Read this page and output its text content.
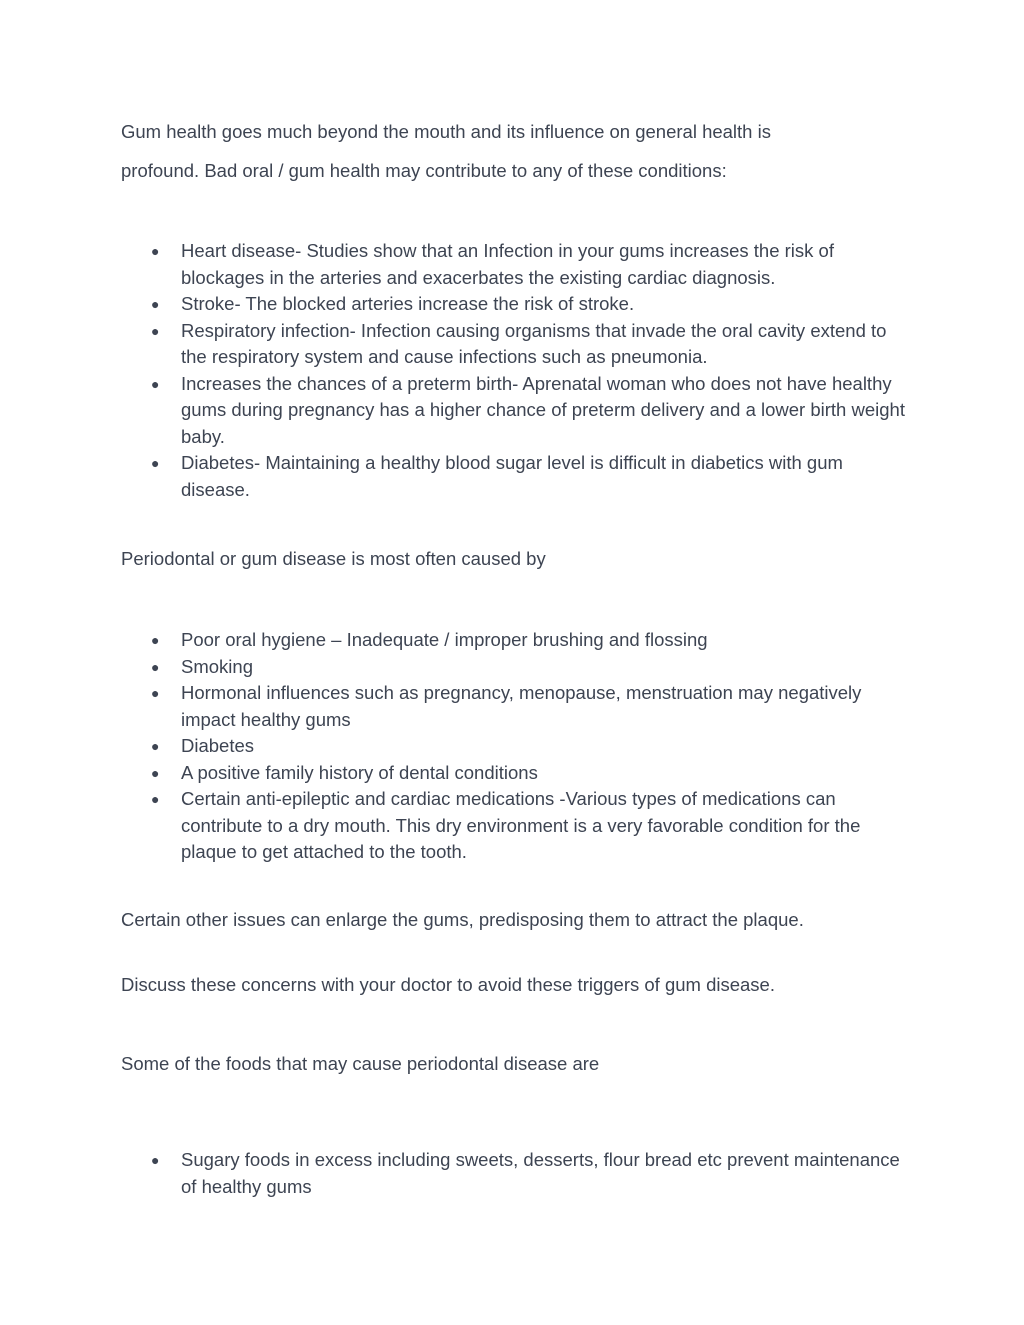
Gum health goes much beyond the mouth and its influence on general health is
profound. Bad oral / gum health may contribute to any of these conditions:

● Heart disease- Studies show that an Infection in your gums increases the risk of blockages in the arteries and exacerbates the existing cardiac diagnosis.
● Stroke- The blocked arteries increase the risk of stroke.
● Respiratory infection- Infection causing organisms that invade the oral cavity extend to the respiratory system and cause infections such as pneumonia.
● Increases the chances of a preterm birth- Aprenatal woman who does not have healthy gums during pregnancy has a higher chance of preterm delivery and a lower birth weight baby.
● Diabetes- Maintaining a healthy blood sugar level is difficult in diabetics with gum disease.

Periodontal or gum disease is most often caused by

● Poor oral hygiene – Inadequate / improper brushing and flossing
● Smoking
● Hormonal influences such as pregnancy, menopause, menstruation may negatively impact healthy gums
● Diabetes
● A positive family history of dental conditions
● Certain anti-epileptic and cardiac medications -Various types of medications can contribute to a dry mouth. This dry environment is a very favorable condition for the plaque to get attached to the tooth.

Certain other issues can enlarge the gums, predisposing them to attract the plaque.

Discuss these concerns with your doctor to avoid these triggers of gum disease.

Some of the foods that may cause periodontal disease are

● Sugary foods in excess including sweets, desserts, flour bread etc prevent maintenance of healthy gums
